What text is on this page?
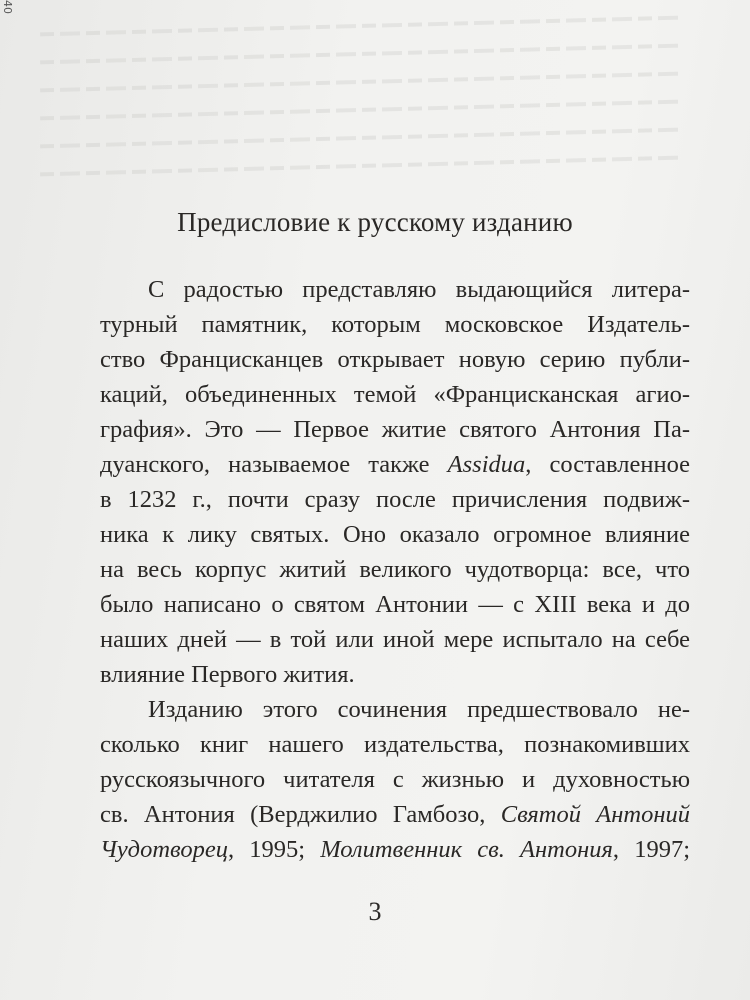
40
Предисловие к русскому изданию
С радостью представляю выдающийся литера-
турный памятник, которым московское Издатель-
ство Францисканцев открывает новую серию публи-
каций, объединенных темой «Францисканская агио-
графия». Это — Первое житие святого Антония Па-
дуанского, называемое также Assidua, составленное
в 1232 г., почти сразу после причисления подвиж-
ника к лику святых. Оно оказало огромное влияние
на весь корпус житий великого чудотворца: все, что
было написано о святом Антонии — с XIII века и до
наших дней — в той или иной мере испытало на себе
влияние Первого жития.
Изданию этого сочинения предшествовало не-
сколько книг нашего издательства, познакомивших
русскоязычного читателя с жизнью и духовностью
св. Антония (Верджилио Гамбозо, Святой Антоний
Чудотворец, 1995; Молитвенник св. Антония, 1997;
3
